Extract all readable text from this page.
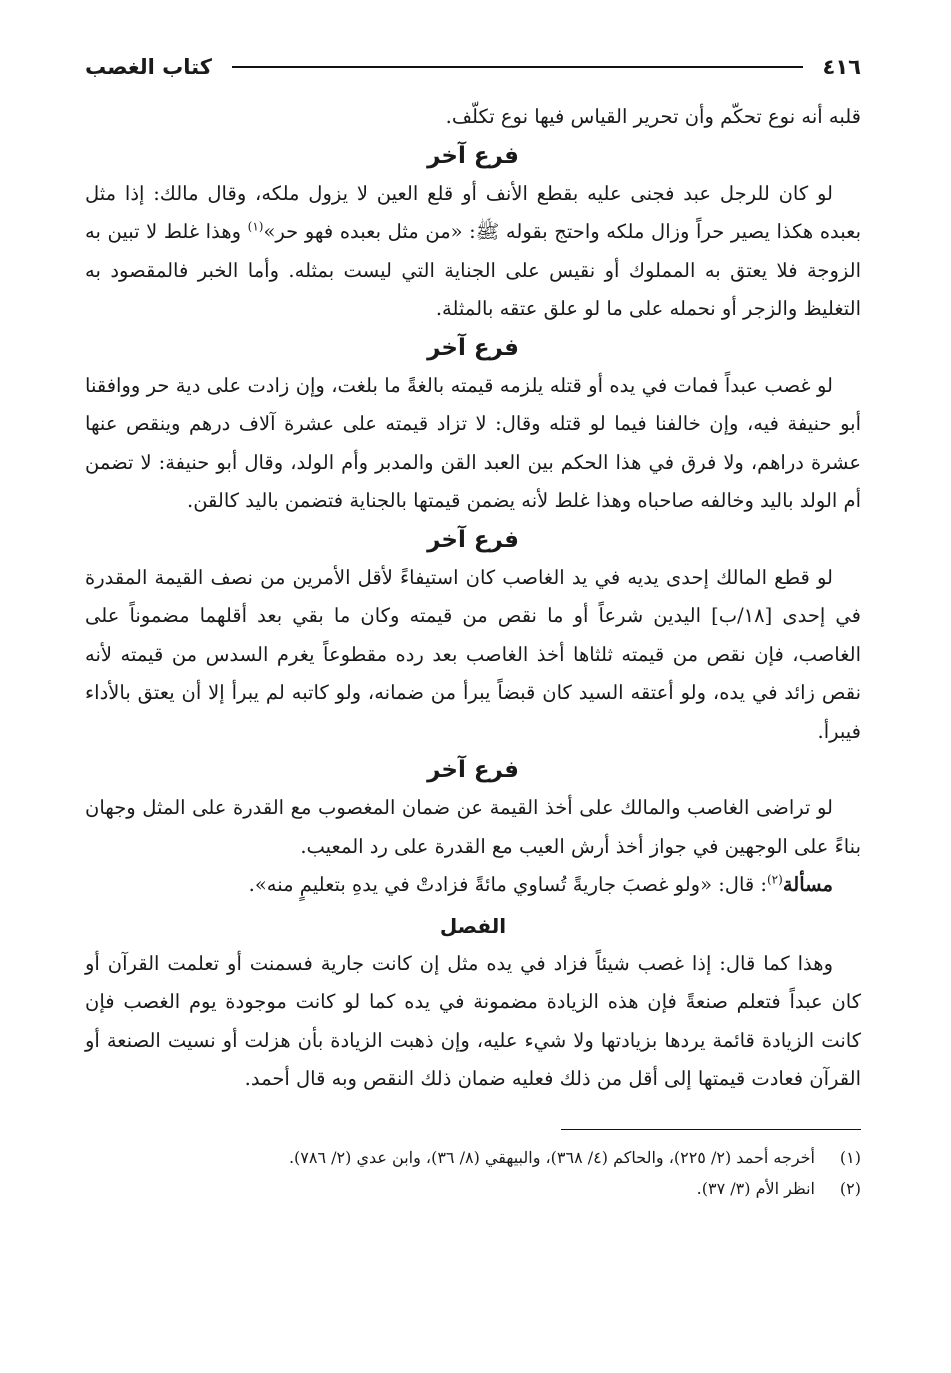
٤١٦
كتاب الغصب

قلبه أنه نوع تحكّم وأن تحرير القياس فيها نوع تكلّف.

فرع آخر

لو كان للرجل عبد فجنى عليه بقطع الأنف أو قلع العين لا يزول ملكه، وقال مالك: إذا مثل بعبده هكذا يصير حراً وزال ملكه واحتج بقوله ﷺ: «من مثل بعبده فهو حر»$^{(١)}$ وهذا غلط لا تبين به الزوجة فلا يعتق به المملوك أو نقيس على الجناية التي ليست بمثله. وأما الخبر فالمقصود به التغليظ والزجر أو نحمله على ما لو علق عتقه بالمثلة.

فرع آخر

لو غصب عبداً فمات في يده أو قتله يلزمه قيمته بالغةً ما بلغت، وإن زادت على دية حر ووافقنا أبو حنيفة فيه، وإن خالفنا فيما لو قتله وقال: لا تزاد قيمته على عشرة آلاف درهم وينقص عنها عشرة دراهم، ولا فرق في هذا الحكم بين العبد القن والمدبر وأم الولد، وقال أبو حنيفة: لا تضمن أم الولد باليد وخالفه صاحباه وهذا غلط لأنه يضمن قيمتها بالجناية فتضمن باليد كالقن.

فرع آخر

لو قطع المالك إحدى يديه في يد الغاصب كان استيفاءً لأقل الأمرين من نصف القيمة المقدرة في إحدى [١٨/ب] اليدين شرعاً أو ما نقص من قيمته وكان ما بقي بعد أقلهما مضموناً على الغاصب، فإن نقص من قيمته ثلثاها أخذ الغاصب بعد رده مقطوعاً يغرم السدس من قيمته لأنه نقص زائد في يده، ولو أعتقه السيد كان قبضاً يبرأ من ضمانه، ولو كاتبه لم يبرأ إلا أن يعتق بالأداء فيبرأ.

فرع آخر

لو تراضى الغاصب والمالك على أخذ القيمة عن ضمان المغصوب مع القدرة على المثل وجهان بناءً على الوجهين في جواز أخذ أرش العيب مع القدرة على رد المعيب.

مسألة$^{(٢)}$: قال: «ولو غصبَ جاريةً تُساوي مائةً فزادتْ في يدهِ بتعليمٍ منه».

الفصل

وهذا كما قال: إذا غصب شيئاً فزاد في يده مثل إن كانت جارية فسمنت أو تعلمت القرآن أو كان عبداً فتعلم صنعةً فإن هذه الزيادة مضمونة في يده كما لو كانت موجودة يوم الغصب فإن كانت الزيادة قائمة يردها بزيادتها ولا شيء عليه، وإن ذهبت الزيادة بأن هزلت أو نسيت الصنعة أو القرآن فعادت قيمتها إلى أقل من ذلك فعليه ضمان ذلك النقص وبه قال أحمد.

(١)
أخرجه أحمد (٢/ ٢٢٥)، والحاكم (٤/ ٣٦٨)، والبيهقي (٨/ ٣٦)، وابن عدي (٢/ ٧٨٦).
(٢)
انظر الأم (٣/ ٣٧).
